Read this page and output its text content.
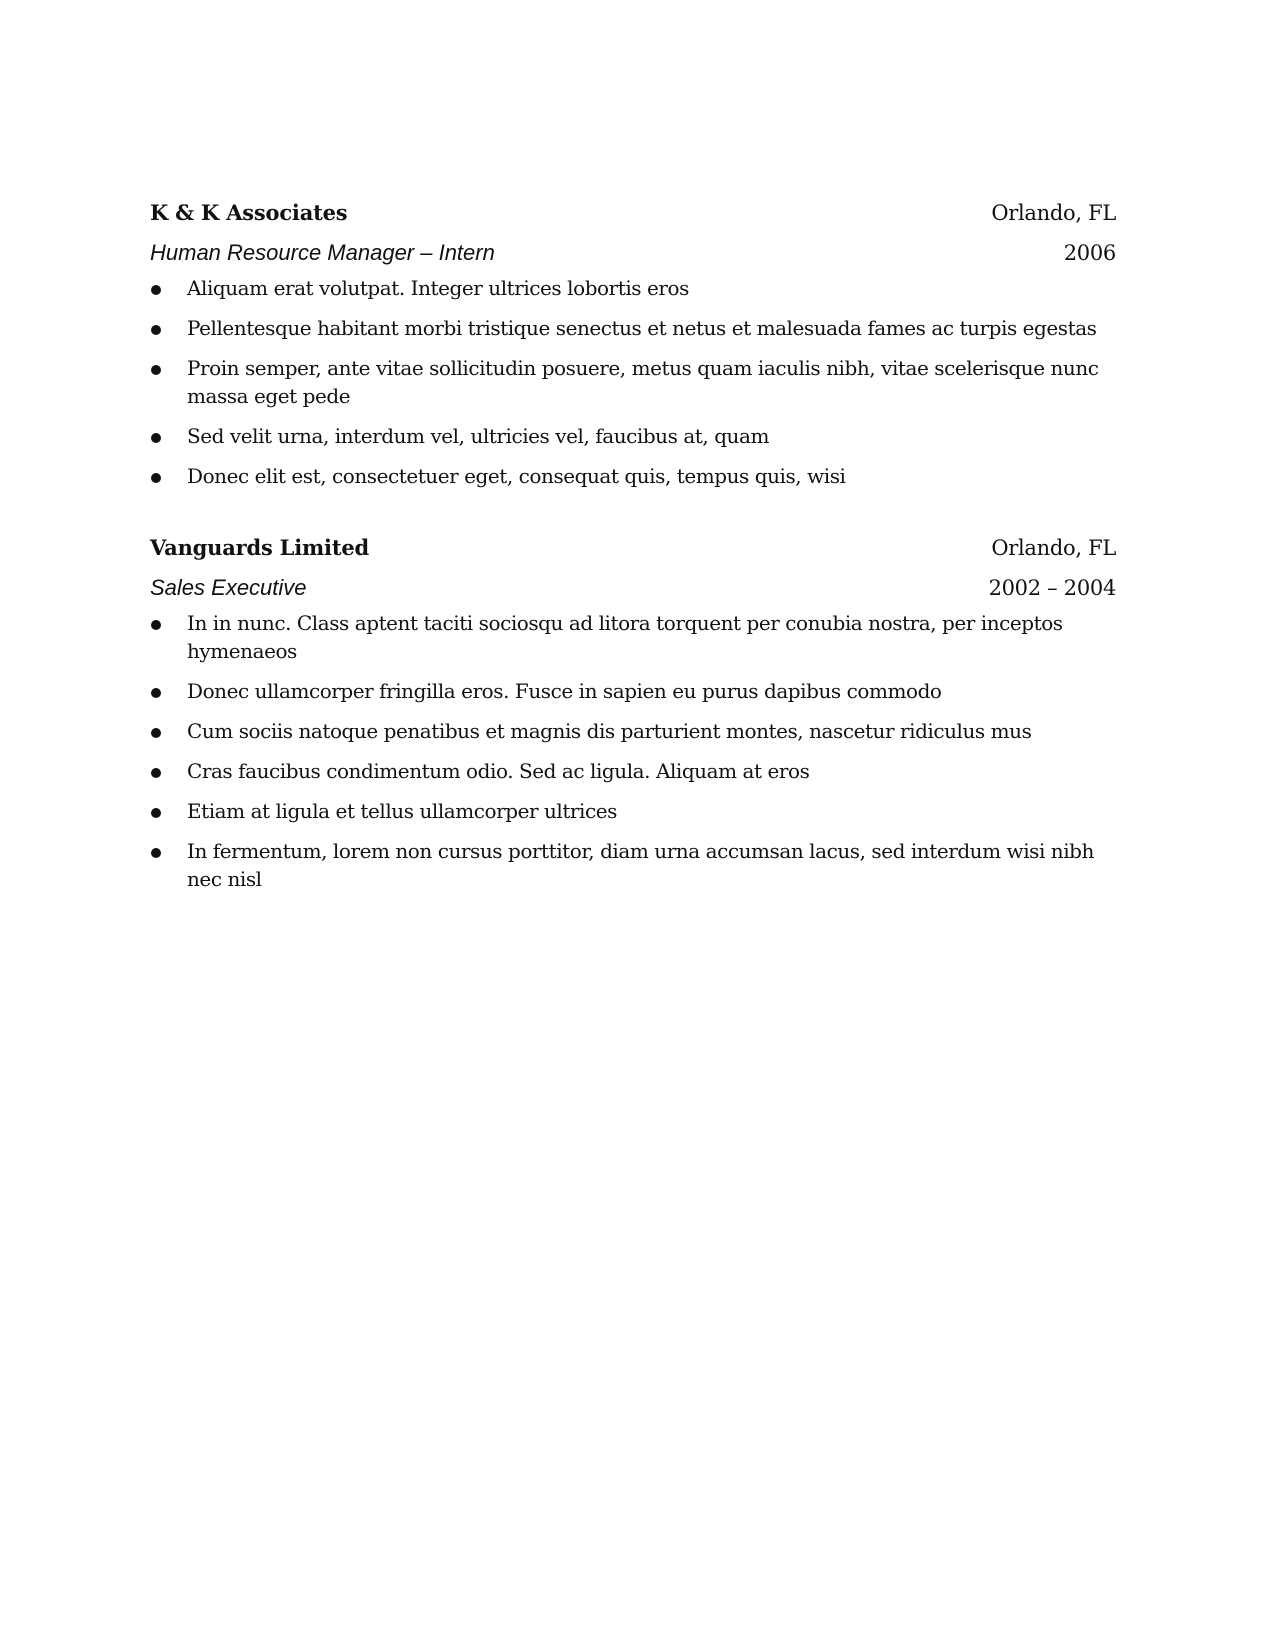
K & K Associates	Orlando, FL
Human Resource Manager – Intern	2006
Aliquam erat volutpat. Integer ultrices lobortis eros
Pellentesque habitant morbi tristique senectus et netus et malesuada fames ac turpis egestas
Proin semper, ante vitae sollicitudin posuere, metus quam iaculis nibh, vitae scelerisque nunc massa eget pede
Sed velit urna, interdum vel, ultricies vel, faucibus at, quam
Donec elit est, consectetuer eget, consequat quis, tempus quis, wisi
Vanguards Limited	Orlando, FL
Sales Executive	2002 – 2004
In in nunc. Class aptent taciti sociosqu ad litora torquent per conubia nostra, per inceptos hymenaeos
Donec ullamcorper fringilla eros. Fusce in sapien eu purus dapibus commodo
Cum sociis natoque penatibus et magnis dis parturient montes, nascetur ridiculus mus
Cras faucibus condimentum odio. Sed ac ligula. Aliquam at eros
Etiam at ligula et tellus ullamcorper ultrices
In fermentum, lorem non cursus porttitor, diam urna accumsan lacus, sed interdum wisi nibh nec nisl
